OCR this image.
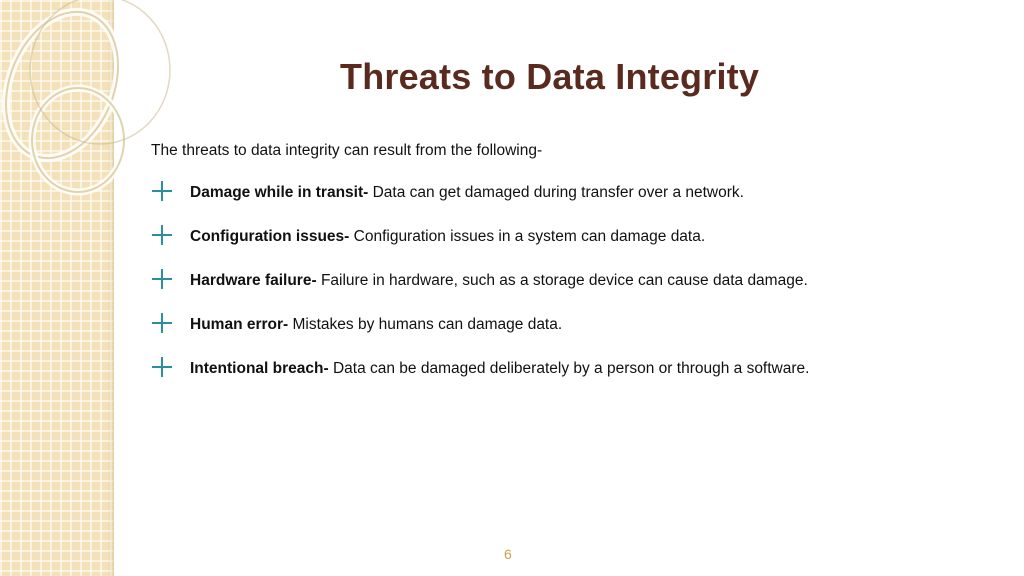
Threats to Data Integrity

The threats to data integrity can result from the following-

Damage while in transit- Data can get damaged during transfer over a network.
Configuration issues- Configuration issues in a system can damage data.
Hardware failure- Failure in hardware, such as a storage device can cause data damage.
Human error- Mistakes by humans can damage data.
Intentional breach- Data can be damaged deliberately by a person or through a software.
6
